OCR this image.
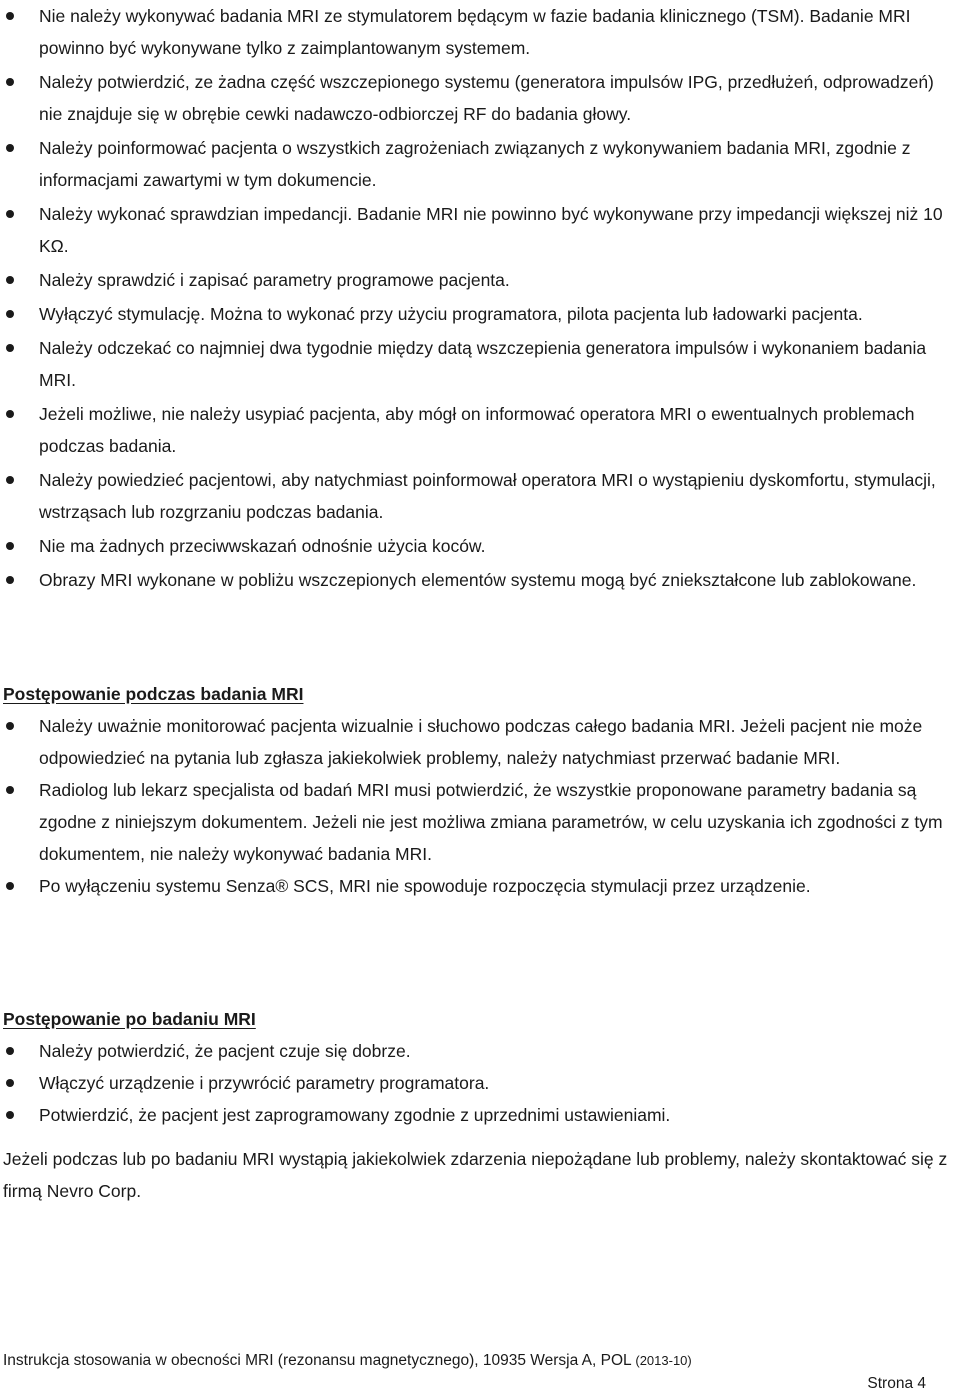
Nie należy wykonywać badania MRI ze stymulatorem będącym w fazie badania klinicznego (TSM). Badanie MRI powinno być wykonywane tylko z zaimplantowanym systemem.
Należy potwierdzić, ze żadna część wszczepionego systemu (generatora impulsów IPG, przedłużeń, odprowadzeń) nie znajduje się w obrębie cewki nadawczo-odbiorczej RF do badania głowy.
Należy poinformować pacjenta o wszystkich zagrożeniach związanych z wykonywaniem badania MRI, zgodnie z informacjami zawartymi w tym dokumencie.
Należy wykonać sprawdzian impedancji. Badanie MRI nie powinno być wykonywane przy impedancji większej niż 10 KΩ.
Należy sprawdzić i zapisać parametry programowe pacjenta.
Wyłączyć stymulację. Można to wykonać przy użyciu programatora, pilota pacjenta lub ładowarki pacjenta.
Należy odczekać co najmniej dwa tygodnie między datą wszczepienia generatora impulsów i wykonaniem badania MRI.
Jeżeli możliwe, nie należy usypiać pacjenta, aby mógł on informować operatora MRI o ewentualnych problemach podczas badania.
Należy powiedzieć pacjentowi, aby natychmiast poinformował operatora MRI o wystąpieniu dyskomfortu, stymulacji, wstrząsach lub rozgrzaniu podczas badania.
Nie ma żadnych przeciwwskazań odnośnie użycia koców.
Obrazy MRI wykonane w pobliżu wszczepionych elementów systemu mogą być zniekształcone lub zablokowane.
Postępowanie podczas badania MRI
Należy uważnie monitorować pacjenta wizualnie i słuchowo podczas całego badania MRI. Jeżeli pacjent nie może odpowiedzieć na pytania lub zgłasza jakiekolwiek problemy, należy natychmiast przerwać badanie MRI.
Radiolog lub lekarz specjalista od badań MRI musi potwierdzić, że wszystkie proponowane parametry badania są zgodne z niniejszym dokumentem. Jeżeli nie jest możliwa zmiana parametrów, w celu uzyskania ich zgodności z tym dokumentem, nie należy wykonywać badania MRI.
Po wyłączeniu systemu Senza® SCS, MRI nie spowoduje rozpoczęcia stymulacji przez urządzenie.
Postępowanie po badaniu MRI
Należy potwierdzić, że pacjent czuje się dobrze.
Włączyć urządzenie i przywrócić parametry programatora.
Potwierdzić, że pacjent jest zaprogramowany zgodnie z uprzednimi ustawieniami.
Jeżeli podczas lub po badaniu MRI wystąpią jakiekolwiek zdarzenia niepożądane lub problemy, należy skontaktować się z firmą Nevro Corp.
Instrukcja stosowania w obecności MRI (rezonansu magnetycznego), 10935 Wersja A, POL (2013-10)
Strona 4
